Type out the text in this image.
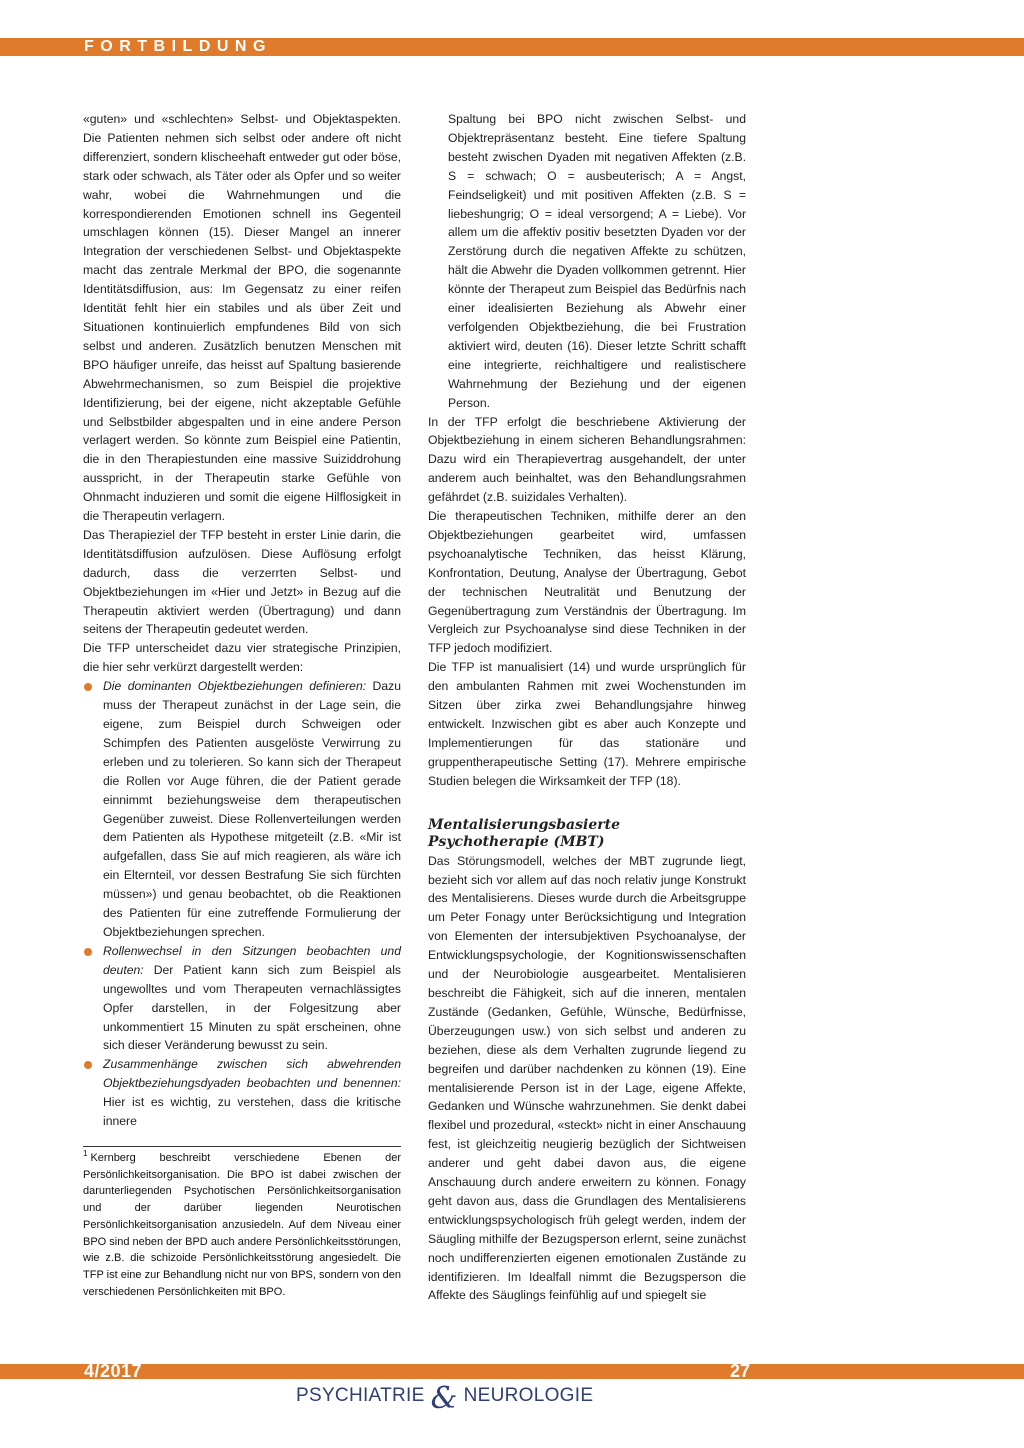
FORTBILDUNG

«guten» und «schlechten» Selbst- und Objektaspekten. Die Patienten nehmen sich selbst oder andere oft nicht differenziert, sondern klischeehaft entweder gut oder böse, stark oder schwach, als Täter oder als Opfer und so weiter wahr, wobei die Wahrnehmungen und die korrespondierenden Emotionen schnell ins Gegenteil umschlagen können (15). Dieser Mangel an innerer Integration der verschiedenen Selbst- und Objektaspekte macht das zentrale Merkmal der BPO, die sogenannte Identitätsdiffusion, aus: Im Gegensatz zu einer reifen Identität fehlt hier ein stabiles und als über Zeit und Situationen kontinuierlich empfundenes Bild von sich selbst und anderen. Zusätzlich benutzen Menschen mit BPO häufiger unreife, das heisst auf Spaltung basierende Abwehrmechanismen, so zum Beispiel die projektive Identifizierung, bei der eigene, nicht akzeptable Gefühle und Selbstbilder abgespalten und in eine andere Person verlagert werden. So könnte zum Beispiel eine Patientin, die in den Therapiestunden eine massive Suiziddrohung ausspricht, in der Therapeutin starke Gefühle von Ohnmacht induzieren und somit die eigene Hilflosigkeit in die Therapeutin verlagern.

Das Therapieziel der TFP besteht in erster Linie darin, die Identitätsdiffusion aufzulösen. Diese Auflösung erfolgt dadurch, dass die verzerrten Selbst- und Objektbeziehungen im «Hier und Jetzt» in Bezug auf die Therapeutin aktiviert werden (Übertragung) und dann seitens der Therapeutin gedeutet werden.

Die TFP unterscheidet dazu vier strategische Prinzipien, die hier sehr verkürzt dargestellt werden:

Die dominanten Objektbeziehungen definieren: Dazu muss der Therapeut zunächst in der Lage sein, die eigene, zum Beispiel durch Schweigen oder Schimpfen des Patienten ausgelöste Verwirrung zu erleben und zu tolerieren. So kann sich der Therapeut die Rollen vor Auge führen, die der Patient gerade einnimmt beziehungsweise dem therapeutischen Gegenüber zuweist. Diese Rollenverteilungen werden dem Patienten als Hypothese mitgeteilt (z.B. «Mir ist aufgefallen, dass Sie auf mich reagieren, als wäre ich ein Elternteil, vor dessen Bestrafung Sie sich fürchten müssen») und genau beobachtet, ob die Reaktionen des Patienten für eine zutreffende Formulierung der Objektbeziehungen sprechen.
Rollenwechsel in den Sitzungen beobachten und deuten: Der Patient kann sich zum Beispiel als ungewolltes und vom Therapeuten vernachlässigtes Opfer darstellen, in der Folgesitzung aber unkommentiert 15 Minuten zu spät erscheinen, ohne sich dieser Veränderung bewusst zu sein.
Zusammenhänge zwischen sich abwehrenden Objektbeziehungsdyaden beobachten und benennen: Hier ist es wichtig, zu verstehen, dass die kritische innere
$^1$ Kernberg beschreibt verschiedene Ebenen der Persönlichkeitsorganisation. Die BPO ist dabei zwischen der darunterliegenden Psychotischen Persönlichkeitsorganisation und der darüber liegenden Neurotischen Persönlichkeitsorganisation anzusiedeln. Auf dem Niveau einer BPO sind neben der BPD auch andere Persönlichkeitsstörungen, wie z.B. die schizoide Persönlichkeitsstörung angesiedelt. Die TFP ist eine zur Behandlung nicht nur von BPS, sondern von den verschiedenen Persönlichkeiten mit BPO.

Spaltung bei BPO nicht zwischen Selbst- und Objektrepräsentanz besteht. Eine tiefere Spaltung besteht zwischen Dyaden mit negativen Affekten (z.B. S = schwach; O = ausbeuterisch; A = Angst, Feindseligkeit) und mit positiven Affekten (z.B. S = liebeshungrig; O = ideal versorgend; A = Liebe). Vor allem um die affektiv positiv besetzten Dyaden vor der Zerstörung durch die negativen Affekte zu schützen, hält die Abwehr die Dyaden vollkommen getrennt. Hier könnte der Therapeut zum Beispiel das Bedürfnis nach einer idealisierten Beziehung als Abwehr einer verfolgenden Objektbeziehung, die bei Frustration aktiviert wird, deuten (16). Dieser letzte Schritt schafft eine integrierte, reichhaltigere und realistischere Wahrnehmung der Beziehung und der eigenen Person.

In der TFP erfolgt die beschriebene Aktivierung der Objektbeziehung in einem sicheren Behandlungsrahmen: Dazu wird ein Therapievertrag ausgehandelt, der unter anderem auch beinhaltet, was den Behandlungsrahmen gefährdet (z.B. suizidales Verhalten).

Die therapeutischen Techniken, mithilfe derer an den Objektbeziehungen gearbeitet wird, umfassen psychoanalytische Techniken, das heisst Klärung, Konfrontation, Deutung, Analyse der Übertragung, Gebot der technischen Neutralität und Benutzung der Gegenübertragung zum Verständnis der Übertragung. Im Vergleich zur Psychoanalyse sind diese Techniken in der TFP jedoch modifiziert.

Die TFP ist manualisiert (14) und wurde ursprünglich für den ambulanten Rahmen mit zwei Wochenstunden im Sitzen über zirka zwei Behandlungsjahre hinweg entwickelt. Inzwischen gibt es aber auch Konzepte und Implementierungen für das stationäre und gruppentherapeutische Setting (17). Mehrere empirische Studien belegen die Wirksamkeit der TFP (18).

Mentalisierungsbasierte
Psychotherapie (MBT)

Das Störungsmodell, welches der MBT zugrunde liegt, bezieht sich vor allem auf das noch relativ junge Konstrukt des Mentalisierens. Dieses wurde durch die Arbeitsgruppe um Peter Fonagy unter Berücksichtigung und Integration von Elementen der intersubjektiven Psychoanalyse, der Entwicklungspsychologie, der Kognitionswissenschaften und der Neurobiologie ausgearbeitet. Mentalisieren beschreibt die Fähigkeit, sich auf die inneren, mentalen Zustände (Gedanken, Gefühle, Wünsche, Bedürfnisse, Überzeugungen usw.) von sich selbst und anderen zu beziehen, diese als dem Verhalten zugrunde liegend zu begreifen und darüber nachdenken zu können (19). Eine mentalisierende Person ist in der Lage, eigene Affekte, Gedanken und Wünsche wahrzunehmen. Sie denkt dabei flexibel und prozedural, «steckt» nicht in einer Anschauung fest, ist gleichzeitig neugierig bezüglich der Sichtweisen anderer und geht dabei davon aus, die eigene Anschauung durch andere erweitern zu können. Fonagy geht davon aus, dass die Grundlagen des Mentalisierens entwicklungspsychologisch früh gelegt werden, indem der Säugling mithilfe der Bezugsperson erlernt, seine zunächst noch undifferenzierten eigenen emotionalen Zustände zu identifizieren. Im Idealfall nimmt die Bezugsperson die Affekte des Säuglings feinfühlig auf und spiegelt sie

4/2017	27
PSYCHIATRIE & NEUROLOGIE
